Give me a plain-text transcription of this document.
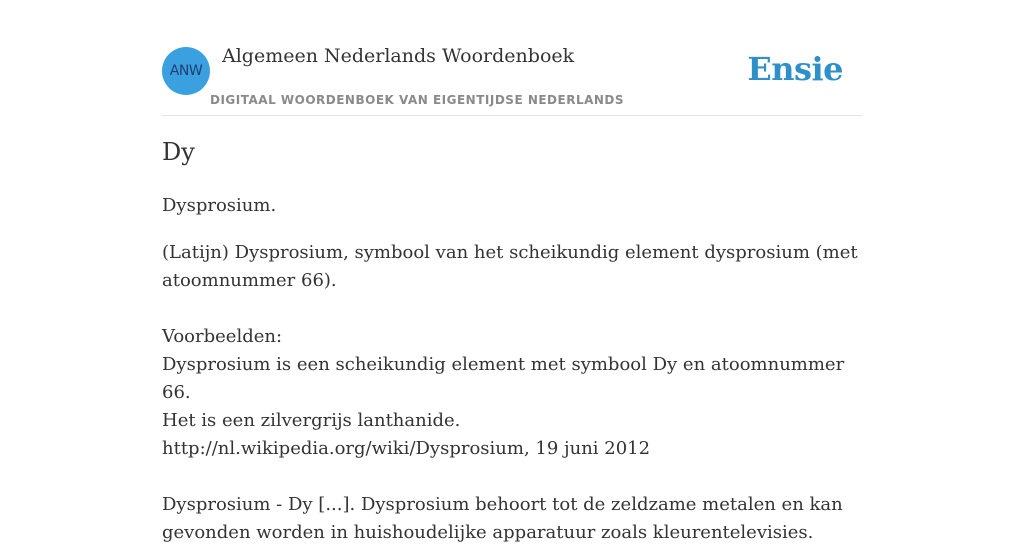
ANW
Algemeen Nederlands Woordenboek
DIGITAAL WOORDENBOEK VAN EIGENTIJDSE NEDERLANDS
Ensie
Dy

Dysprosium.

(Latijn) Dysprosium, symbool van het scheikundig element dysprosium (met atoomnummer 66).

Voorbeelden:

Dysprosium is een scheikundig element met symbool Dy en atoomnummer 66.

Het is een zilvergrijs lanthanide.

http://nl.wikipedia.org/wiki/Dysprosium, 19 juni 2012

Dysprosium - Dy [...]. Dysprosium behoort tot de zeldzame metalen en kan gevonden worden in huishoudelijke apparatuur zoals kleurentelevisies.
